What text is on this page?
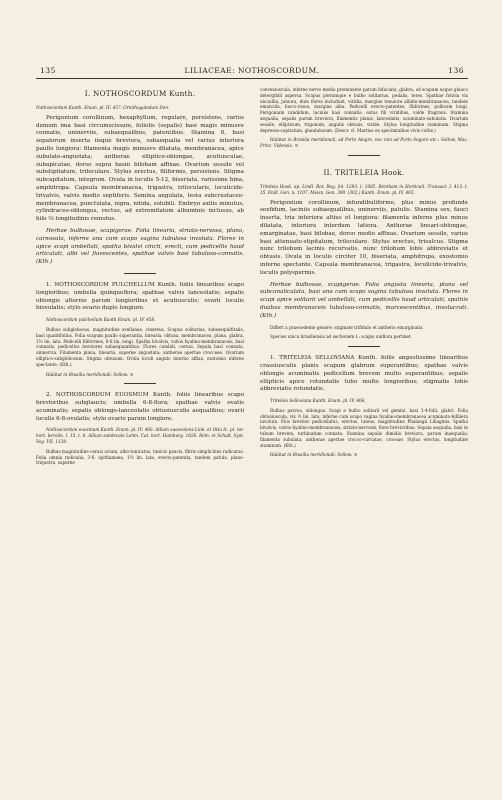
135	LILIACEAE: NOTHOSCORDUM.	136
I. NOTHOSCORDUM Kunth.

Nothoscordum Kunth. Enum. pl. IV. 457. Ornithogalodum Don.

Perigonium corollinum, hexaphyllum, regulare, persistens, rarius demum ima basi circumscissum, foliolis (sepalis) basi magis minusve connatis, uninerviis, subaequalibus, patentibus. Stamina 6, basi sepalorum inserta iisque breviora, subaequalia vel rarius interiora paullo longiora: filamenta magis minusve dilatata, membranacea, apice subulato-angustata; antherae elliptico-oblongae, acutiusculae, subapicatae, dorso supra basin bilobam affixae. Ovarium sessile vel substipitatum, triloculare. Stylus erectus, filiformis, persistens. Stigma subcapitatum, integrum. Ovula in loculis 5-12, biseriata, rarissime bina, amphitropa. Capsula membranacea, trigastra, trilocularis, loculicide-trivalvis, valvis medio septiferis. Semina angulata, testa subcrustaceo-membranacea, punctulata, nigra, nitida, solubili. Embryo axilis minutus, cylindraceo-oblongus, rectus, ad extremitatem albuminis inclusus, ab hilo ⅔ longitudinis remotus.

Herbae bulbosae, scapigerae. Folia linearia, striato-nervosa, plana, carnosula, inferne una cum scapo vagina tubulosa involuta. Flores in apice scapi umbellati, spatha bivalvi cincti, erecti, cum pedicellis haud articulati, albi vel flavescentes, spathae valvis basi tubuloso-connatis. (Kth.)

1. NOTHOSCORDUM PULCHELLUM Kunth. foliis linearibus scapo longioribus; umbella quinqueflora; spathae valvis lanceolatis; sepalis oblongis alternis parum longioribus et acutiusculis; ovarii loculis biovulatis; stylo ovario duplo longiore.

Nothoscordum pulchellum Kunth Enum. pl. IV. 458.

Bulbus subglobosus, magnitudine avellanae, cinereus. Scapus solitarius, subsesquiltitalis, basi quadrifolius. Folia scapum paullo superantia, linearia, obtusa, membranacea, plana, glabra, 1½ lin. lata. Pedicelli filiformes, 6-8 lin. longi. Spatha bivalvis, valvis hyalino-membranaceis, basi connatis, pedicellos breviores subaequantibus. Flores candidi, cernui. Sepala basi connata, uninervia. Filamenta plana, linearia, superne angustata; antherae apertae crocceae. Ovarium elliptico-subglobosum. Stigma obtusum. Ovula loculi angulo interno affixa, exstomio inferne spectante. (Kth.)

Habitat in Brasilia meridionali: Sellow. ♃

2. NOTHOSCORDUM EUOSMUM Kunth. foliis linearibus scapo brevioribus subglaucis; umbella 6-8-flora; spathae valvis ovatis acuminatis; sepalis oblongo-lanceolatis obtusiusculis aequalibus; ovarii loculis 6-8-ovulatis; stylo ovario parum longiore.

Nothoscordum euosmum Kunth. Enum. pl. IV. 460. Allium suaveolens Link. et Otto Ic. pl. rar. hort. berolin. I. 15. t. 8. Allium subdecale Lehm. Cat. hort. Hamburg. 1826. Röm. et Schult. Syst. Veg. VII. 1130.

Bulbus magnitudine cerasi avium, albo-tunicatus, tunicis paucis, fibris simplicibus radicatus. Folia omnia radicalia, 3-6, spithamaea, 1½ lin. lata, erecto-patentia, tandem patula, plano-triquetra, superne

convexiuscula, inferne nervo medio prominente parum bifaciata, glabra, ad scapum usque glauco detergibili aspersa. Scapus plerumque e bulbo solitarius, pedalis, teres. Spathae foliola vix unciallia, juniora, dum flores includunt, viridia, margine tenuiore albido-membranacea, tandem emarcida, fusco-rosea, margine alba. Pedicelli erecto-patentes, filiformes, pollicem longi. Perigonium candidum, laciniis basi connatis, extus fili viridibus, valde fragrans. Stamina aequalia, sepalis parum breviora, filamentis planis, lanceolatis, acuminato-subulatis. Ovarium sessile, ellipticum, trigonum, angulis obtusis, viride. Stylus longitudine staminum. Stigma depresso-capitatum, glandulosum. (Descr. cl. Martius ex speciminibus vivis cultis.)

Habitat in Brasilia meridionali, ad Porto Alegre, nec non ad Porto Seguro etc.: Sellow, Max. Princ. Vidensis. ♃

II. TRITELEIA Hook.

Triteleia Hook. ap. Lindl. Bot. Reg. fol. 1293. t. 1685. Bentham in Horticult. Transact. I. 413. t. 15. Endl. Gen. n. 1107. Meisn. Gen. 399. (302.) Kunth. Enum. pl. IV. 465.

Perigonium corollinum, infundibuliforme, plus minus profunde sexfidum, laciniis subaequalibus, uninerviis, patulis. Stamina sex, fauci inserta, tria interiora altius et longiora: filamenta inferne plus minus dilatata, interiora interdum latiora. Antherae lineari-oblongae, emarginatae, basi bilobae, dorso medio affixae. Ovarium sessile, rarius basi attenuato-stipitatum, triloculare. Stylus erectus, trisulcus. Stigma nunc trilobum lacinis recurvatis, nunc trilobum lobis abbreviatis et obtusis. Ovula in loculis circiter 10, biseriata, amphitropa, exostomio inferne spectante. Capsula membranacea, trigastra, loculicide-trivalvis, loculis polyspermis.

Herbae bulbosae, scapigerae. Folia angusta linearia, plana vel subcanaliculata, basi una cum scapo vagina tubulosa involuta. Flores in scapi apice solitarii vel umbellati, cum pedicellis haud articulati, spathis duabus membranaceis tubuloso-connatis, marcescentibus, involucrati. (Kth.)

Differt a praecedente genere: stigmate trifidulo et antheris emarginatis.

Species unica brasiliensis ad sectionem I.: scapis uniflora pertinet.

1. TRITELEIA SELLOVIANA Kunth. foliis angustissime linearibus crassiusculis planis scapum glabrum superantibus; spathae valvis oblongis acuminatis pedicellum brevem multo superantibus; sepalis ellipticis apice rotundatis tubo multo longioribus; stigmatis lobis abbreviatis rotundatis.

Triteleia Selloviana Kunth. Enum. pl. IV. 466.

Bulbus parvus, oblongus. Scapi e bulbo solitarii vel gemini, basi 3-4-folii, glabri. Folia obtusiuscula, vix ½ lin. lata, inferne cum scapo vagina hyalino-membranacea acuminato-bifiliera involuta. Flos breviter pedicellatus, erectus, luteus, magnitudine Phalangii Liliaginis. Spatha bivalvis, valvis hyalino-membranaceis, striato-nervosis, flore brevioribus. Sepala aequalia, basi in tubum brevem, turbinatum connata. Stamina sepalis dimidio breviora, parum inaequalia; filamenta subulata; antherae apertae crocco-curvatae, croceae. Stylus erectus, longitudine staminum. (Kth.)

Habitat in Brasilia meridionali: Sellow. ♃
